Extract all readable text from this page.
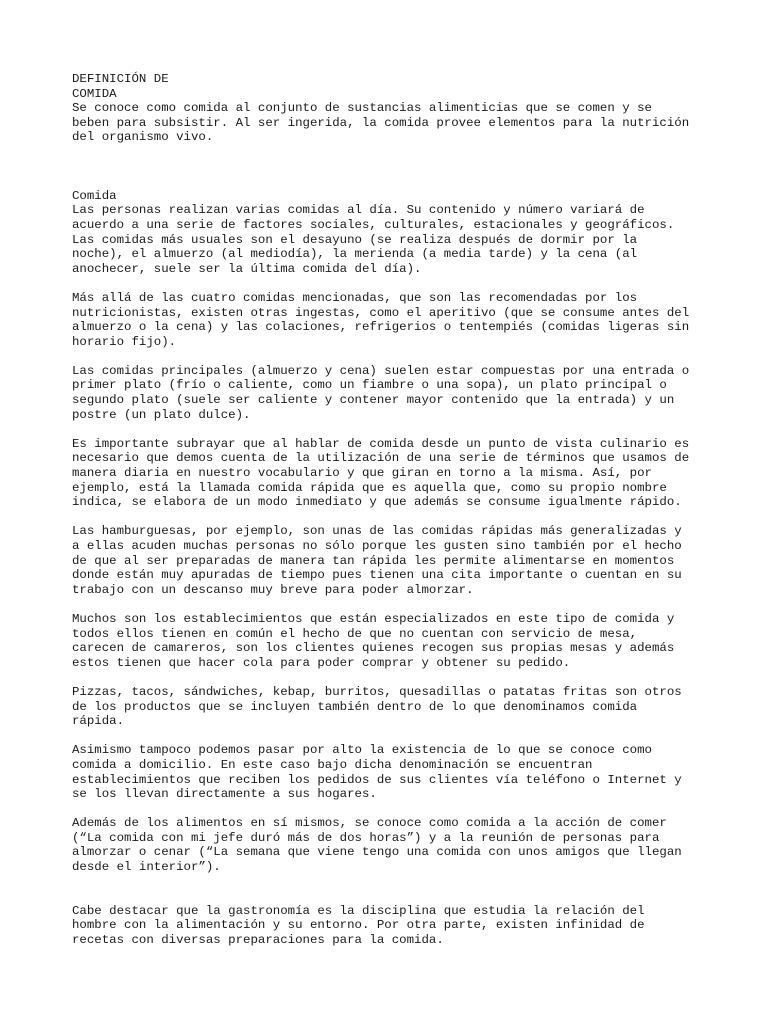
DEFINICIÓN DE
COMIDA
Se conoce como comida al conjunto de sustancias alimenticias que se comen y se
beben para subsistir. Al ser ingerida, la comida provee elementos para la nutrición
del organismo vivo.
Comida
Las personas realizan varias comidas al día. Su contenido y número variará de
acuerdo a una serie de factores sociales, culturales, estacionales y geográficos.
Las comidas más usuales son el desayuno (se realiza después de dormir por la
noche), el almuerzo (al mediodía), la merienda (a media tarde) y la cena (al
anochecer, suele ser la última comida del día).
Más allá de las cuatro comidas mencionadas, que son las recomendadas por los
nutricionistas, existen otras ingestas, como el aperitivo (que se consume antes del
almuerzo o la cena) y las colaciones, refrigerios o tentempiés (comidas ligeras sin
horario fijo).
Las comidas principales (almuerzo y cena) suelen estar compuestas por una entrada o
primer plato (frío o caliente, como un fiambre o una sopa), un plato principal o
segundo plato (suele ser caliente y contener mayor contenido que la entrada) y un
postre (un plato dulce).
Es importante subrayar que al hablar de comida desde un punto de vista culinario es
necesario que demos cuenta de la utilización de una serie de términos que usamos de
manera diaria en nuestro vocabulario y que giran en torno a la misma. Así, por
ejemplo, está la llamada comida rápida que es aquella que, como su propio nombre
indica, se elabora de un modo inmediato y que además se consume igualmente rápido.
Las hamburguesas, por ejemplo, son unas de las comidas rápidas más generalizadas y
a ellas acuden muchas personas no sólo porque les gusten sino también por el hecho
de que al ser preparadas de manera tan rápida les permite alimentarse en momentos
donde están muy apuradas de tiempo pues tienen una cita importante o cuentan en su
trabajo con un descanso muy breve para poder almorzar.
Muchos son los establecimientos que están especializados en este tipo de comida y
todos ellos tienen en común el hecho de que no cuentan con servicio de mesa,
carecen de camareros, son los clientes quienes recogen sus propias mesas y además
estos tienen que hacer cola para poder comprar y obtener su pedido.
Pizzas, tacos, sándwiches, kebap, burritos, quesadillas o patatas fritas son otros
de los productos que se incluyen también dentro de lo que denominamos comida
rápida.
Asimismo tampoco podemos pasar por alto la existencia de lo que se conoce como
comida a domicilio. En este caso bajo dicha denominación se encuentran
establecimientos que reciben los pedidos de sus clientes vía teléfono o Internet y
se los llevan directamente a sus hogares.
Además de los alimentos en sí mismos, se conoce como comida a la acción de comer
(“La comida con mi jefe duró más de dos horas”) y a la reunión de personas para
almorzar o cenar (“La semana que viene tengo una comida con unos amigos que llegan
desde el interior”).
Cabe destacar que la gastronomía es la disciplina que estudia la relación del
hombre con la alimentación y su entorno. Por otra parte, existen infinidad de
recetas con diversas preparaciones para la comida.
